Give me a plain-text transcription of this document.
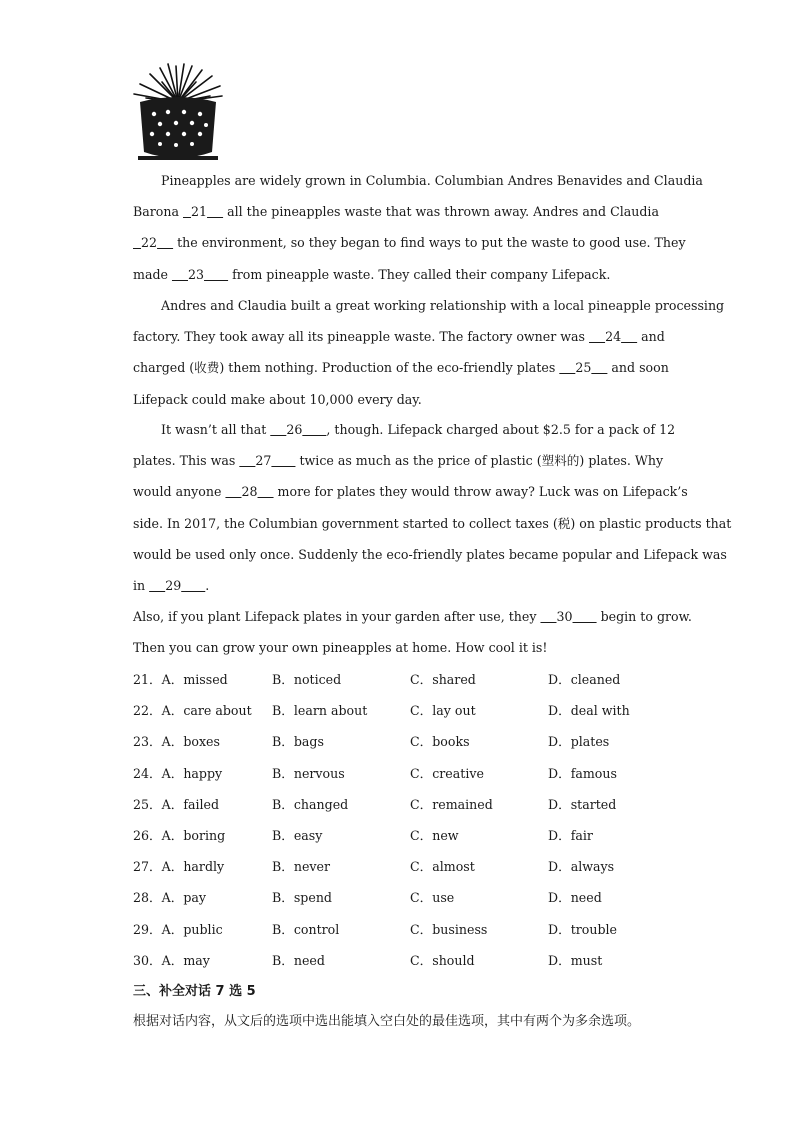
Pineapples are widely grown in Columbia. Columbian Andres Benavides and Claudia
Barona  21   all the pineapples waste that was thrown away. Andres and Claudia
 22   the environment, so they began to find ways to put the waste to good use. They
made   23    from pineapple waste. They called their company Lifepack.
Andres and Claudia built a great working relationship with a local pineapple processing
factory. They took away all its pineapple waste. The factory owner was   24   and
charged (收费) them nothing. Production of the eco-friendly plates   25   and soon
Lifepack could make about 10,000 every day.
It wasn’t all that   26    , though. Lifepack charged about $2.5 for a pack of 12
plates. This was   27    twice as much as the price of plastic (塑料的) plates. Why
would anyone   28   more for plates they would throw away? Luck was on Lifepack’s
side. In 2017, the Columbian government started to collect taxes (税) on plastic products that
would be used only once. Suddenly the eco-friendly plates became popular and Lifepack was
in   29    .
Also, if you plant Lifepack plates in your garden after use, they   30    begin to grow.
Then you can grow your own pineapples at home. How cool it is!
21．A．missed	B．noticed	C．shared	D．cleaned
22．A．care about B．learn about	C．lay out	D．deal with
23．A．boxes	B．bags	C．books	D．plates
24．A．happy	B．nervous	C．creative	D．famous
25．A．failed	B．changed	C．remained	D．started
26．A．boring	B．easy	C．new	D．fair
27．A．hardly	B．never	C．almost	D．always
28．A．pay	B．spend	C．use	D．need
29．A．public	B．control	C．business	D．trouble
30．A．may	B．need	C．should	D．must
三、补全对话 7 选 5
根据对话内容，从文后的选项中选出能填入空白处的最佳选项，其中有两个为多余选项。
